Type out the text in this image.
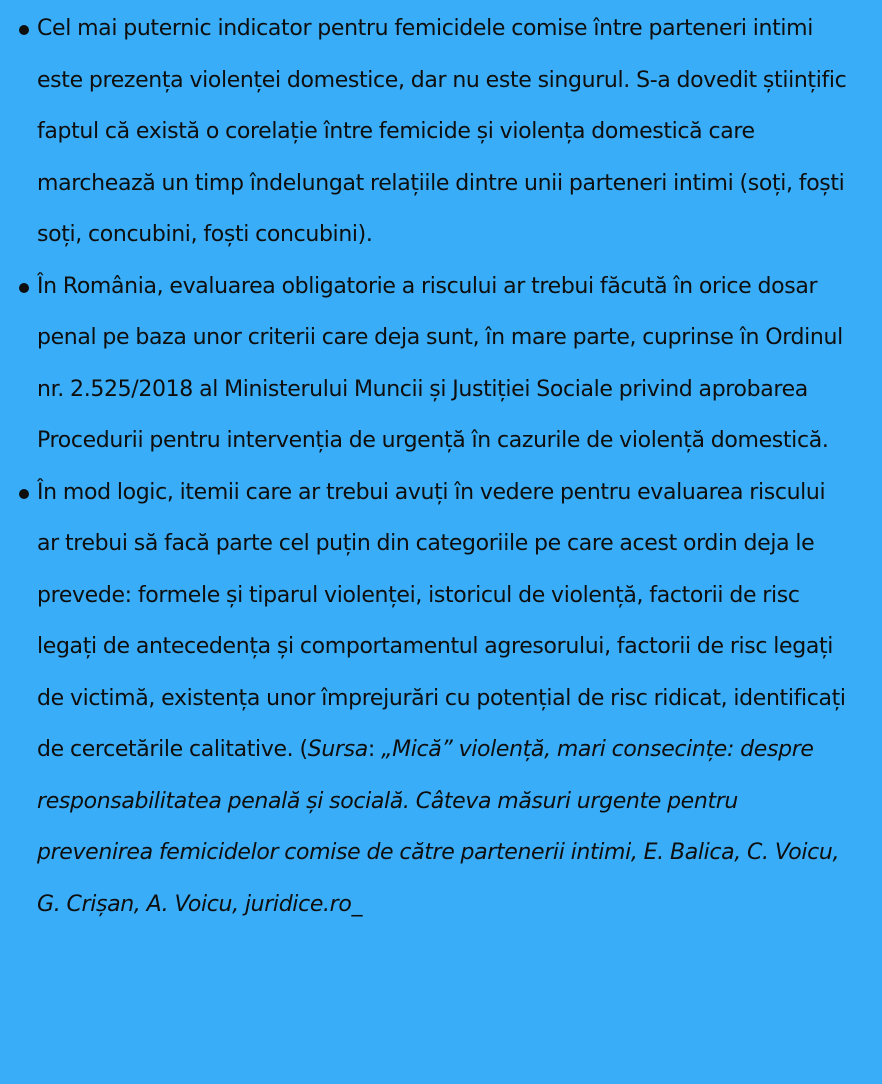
Cel mai puternic indicator pentru femicidele comise între parteneri intimi este prezența violenței domestice, dar nu este singurul. S-a dovedit științific faptul că există o corelație între femicide și violența domestică care marchează un timp îndelungat relațiile dintre unii parteneri intimi (soți, foști soți, concubini, foști concubini).
În România, evaluarea obligatorie a riscului ar trebui făcută în orice dosar penal pe baza unor criterii care deja sunt, în mare parte, cuprinse în Ordinul nr. 2.525/2018 al Ministerului Muncii și Justiției Sociale privind aprobarea Procedurii pentru intervenția de urgență în cazurile de violență domestică.
În mod logic, itemii care ar trebui avuți în vedere pentru evaluarea riscului ar trebui să facă parte cel puțin din categoriile pe care acest ordin deja le prevede: formele și tiparul violenței, istoricul de violență, factorii de risc legați de antecedența și comportamentul agresorului, factorii de risc legați de victimă, existența unor împrejurări cu potențial de risc ridicat, identificați de cercetările calitative. (Sursa: „Mică” violență, mari consecințe: despre responsabilitatea penală și socială. Câteva măsuri urgente pentru prevenirea femicidelor comise de către partenerii intimi, E. Balica, C. Voicu, G. Crișan, A. Voicu, juridice.ro_
